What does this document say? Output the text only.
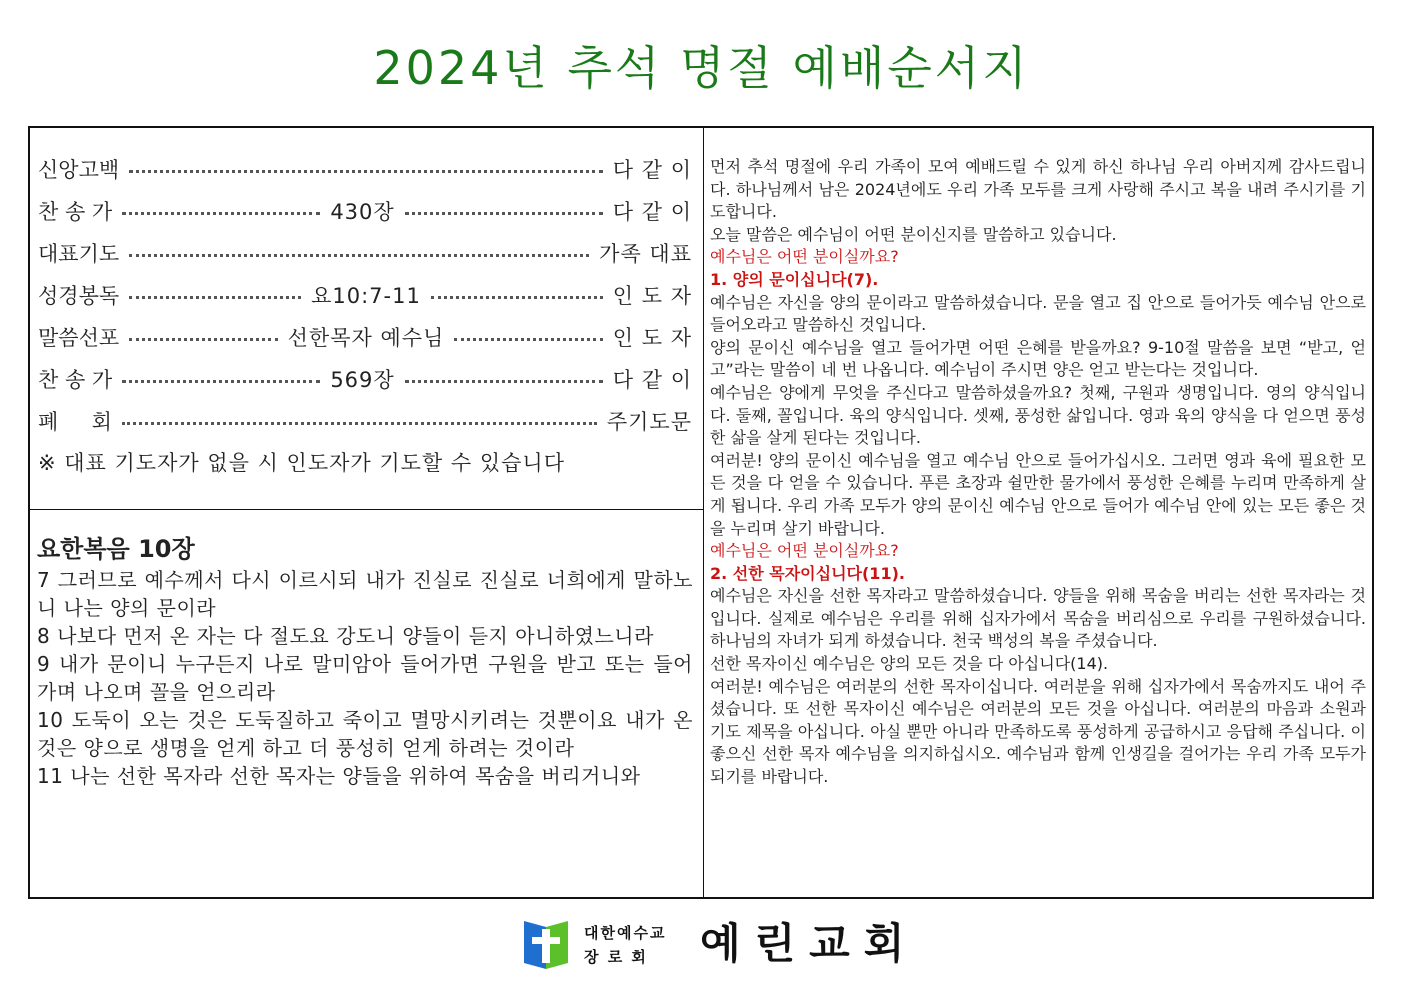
2024년 추석 명절 예배순서지
신앙고백	다 같 이
찬 송 가	430장	다 같 이
대표기도	가족 대표
성경봉독	요10:7-11	인 도 자
말씀선포	선한목자 예수님	인 도 자
찬 송 가	569장	다 같 이
폐     회	주기도문
※ 대표 기도자가 없을 시 인도자가 기도할 수 있습니다
요한복음 10장
7 그러므로 예수께서 다시 이르시되 내가 진실로 진실로 너희에게 말하노니 나는 양의 문이라
8 나보다 먼저 온 자는 다 절도요 강도니 양들이 듣지 아니하였느니라
9 내가 문이니 누구든지 나로 말미암아 들어가면 구원을 받고 또는 들어가며 나오며 꼴을 얻으리라
10 도둑이 오는 것은 도둑질하고 죽이고 멸망시키려는 것뿐이요 내가 온 것은 양으로 생명을 얻게 하고 더 풍성히 얻게 하려는 것이라
11 나는 선한 목자라 선한 목자는 양들을 위하여 목숨을 버리거니와

먼저 추석 명절에 우리 가족이 모여 예배드릴 수 있게 하신 하나님 우리 아버지께 감사드립니다. 하나님께서 남은 2024년에도 우리 가족 모두를 크게 사랑해 주시고 복을 내려 주시기를 기도합니다.

오늘 말씀은 예수님이 어떤 분이신지를 말씀하고 있습니다.

예수님은 어떤 분이실까요?

1. 양의 문이십니다(7).

예수님은 자신을 양의 문이라고 말씀하셨습니다. 문을 열고 집 안으로 들어가듯 예수님 안으로 들어오라고 말씀하신 것입니다.

양의 문이신 예수님을 열고 들어가면 어떤 은혜를 받을까요? 9-10절 말씀을 보면 “받고, 얻고”라는 말씀이 네 번 나옵니다. 예수님이 주시면 양은 얻고 받는다는 것입니다.

예수님은 양에게 무엇을 주신다고 말씀하셨을까요? 첫째, 구원과 생명입니다. 영의 양식입니다. 둘째, 꼴입니다. 육의 양식입니다. 셋째, 풍성한 삶입니다. 영과 육의 양식을 다 얻으면 풍성한 삶을 살게 된다는 것입니다.

여러분! 양의 문이신 예수님을 열고 예수님 안으로 들어가십시오. 그러면 영과 육에 필요한 모든 것을 다 얻을 수 있습니다. 푸른 초장과 쉴만한 물가에서 풍성한 은혜를 누리며 만족하게 살게 됩니다. 우리 가족 모두가 양의 문이신 예수님 안으로 들어가 예수님 안에 있는 모든 좋은 것을 누리며 살기 바랍니다.

예수님은 어떤 분이실까요?

2. 선한 목자이십니다(11).

예수님은 자신을 선한 목자라고 말씀하셨습니다. 양들을 위해 목숨을 버리는 선한 목자라는 것입니다. 실제로 예수님은 우리를 위해 십자가에서 목숨을 버리심으로 우리를 구원하셨습니다. 하나님의 자녀가 되게 하셨습니다. 천국 백성의 복을 주셨습니다.

선한 목자이신 예수님은 양의 모든 것을 다 아십니다(14).

여러분! 예수님은 여러분의 선한 목자이십니다. 여러분을 위해 십자가에서 목숨까지도 내어 주셨습니다. 또 선한 목자이신 예수님은 여러분의 모든 것을 아십니다. 여러분의 마음과 소원과 기도 제목을 아십니다. 아실 뿐만 아니라 만족하도록 풍성하게 공급하시고 응답해 주십니다. 이 좋으신 선한 목자 예수님을 의지하십시오. 예수님과 함께 인생길을 걸어가는 우리 가족 모두가 되기를 바랍니다.

대한예수교
장 로 회	예린교회
